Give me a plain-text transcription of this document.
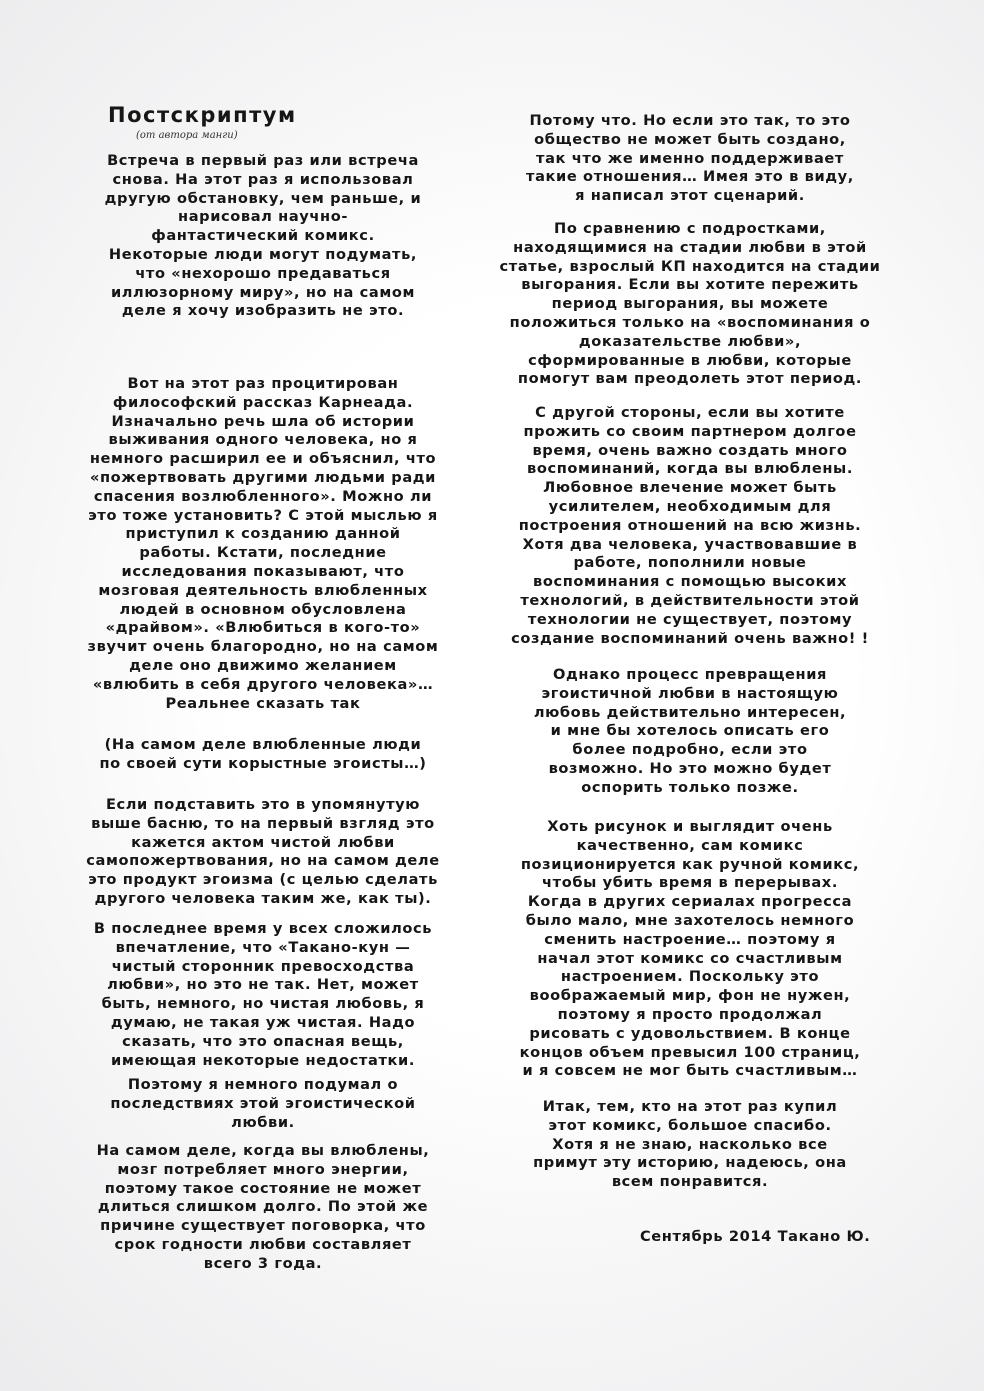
Постскриптум

(от автора манги)

Встреча в первый раз или встреча
снова. На этот раз я использовал
другую обстановку, чем раньше, и
нарисовал научно-
фантастический комикс.
Некоторые люди могут подумать,
что «нехорошо предаваться
иллюзорному миру», но на самом
деле я хочу изобразить не это.

Вот на этот раз процитирован
философский рассказ Карнеада.
Изначально речь шла об истории
выживания одного человека, но я
немного расширил ее и объяснил, что
«пожертвовать другими людьми ради
спасения возлюбленного». Можно ли
это тоже установить? С этой мыслью я
приступил к созданию данной
работы. Кстати, последние
исследования показывают, что
мозговая деятельность влюбленных
людей в основном обусловлена
«драйвом». «Влюбиться в кого-то»
звучит очень благородно, но на самом
деле оно движимо желанием
«влюбить в себя другого человека»…
Реальнее сказать так

(На самом деле влюбленные люди
по своей сути корыстные эгоисты…)

Если подставить это в упомянутую
выше басню, то на первый взгляд это
кажется актом чистой любви
самопожертвования, но на самом деле
это продукт эгоизма (с целью сделать
другого человека таким же, как ты).

В последнее время у всех сложилось
впечатление, что «Такано-кун —
чистый сторонник превосходства
любви», но это не так. Нет, может
быть, немного, но чистая любовь, я
думаю, не такая уж чистая. Надо
сказать, что это опасная вещь,
имеющая некоторые недостатки.

Поэтому я немного подумал о
последствиях этой эгоистической
любви.

На самом деле, когда вы влюблены,
мозг потребляет много энергии,
поэтому такое состояние не может
длиться слишком долго. По этой же
причине существует поговорка, что
срок годности любви составляет
всего 3 года.

Потому что. Но если это так, то это
общество не может быть создано,
так что же именно поддерживает
такие отношения… Имея это в виду,
я написал этот сценарий.

По сравнению с подростками,
находящимися на стадии любви в этой
статье, взрослый КП находится на стадии
выгорания. Если вы хотите пережить
период выгорания, вы можете
положиться только на «воспоминания о
доказательстве любви»,
сформированные в любви, которые
помогут вам преодолеть этот период.

С другой стороны, если вы хотите
прожить со своим партнером долгое
время, очень важно создать много
воспоминаний, когда вы влюблены.
Любовное влечение может быть
усилителем, необходимым для
построения отношений на всю жизнь.
Хотя два человека, участвовавшие в
работе, пополнили новые
воспоминания с помощью высоких
технологий, в действительности этой
технологии не существует, поэтому
создание воспоминаний очень важно! !

Однако процесс превращения
эгоистичной любви в настоящую
любовь действительно интересен,
и мне бы хотелось описать его
более подробно, если это
возможно. Но это можно будет
оспорить только позже.

Хоть рисунок и выглядит очень
качественно, сам комикс
позиционируется как ручной комикс,
чтобы убить время в перерывах.
Когда в других сериалах прогресса
было мало, мне захотелось немного
сменить настроение… поэтому я
начал этот комикс со счастливым
настроением. Поскольку это
воображаемый мир, фон не нужен,
поэтому я просто продолжал
рисовать с удовольствием. В конце
концов объем превысил 100 страниц,
и я совсем не мог быть счастливым…

Итак, тем, кто на этот раз купил
этот комикс, большое спасибо.
Хотя я не знаю, насколько все
примут эту историю, надеюсь, она
всем понравится.

Сентябрь 2014 Такано Ю.
